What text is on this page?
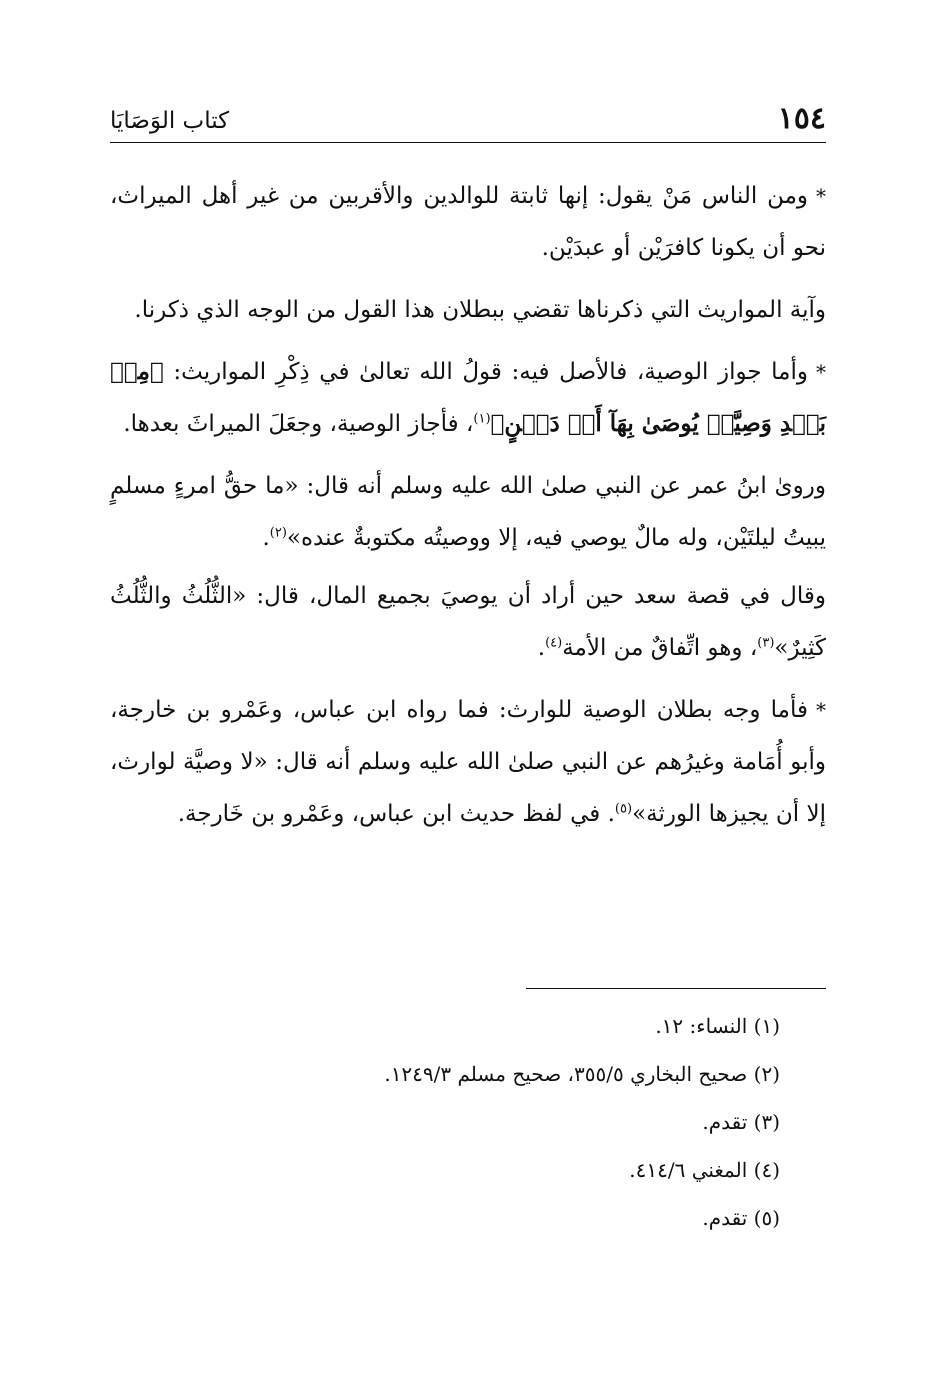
١٥٤
كتاب الوَصَايَا

*ومن الناس مَنْ يقول: إنها ثابتة للوالدين والأقربين من غير أهل الميراث، نحو أن يكونا كافرَيْن أو عبدَيْن.

وآية المواريث التي ذكرناها تقضي ببطلان هذا القول من الوجه الذي ذكرنا.

*وأما جواز الوصية، فالأصل فيه: قولُ الله تعالىٰ في ذِكْرِ المواريث: ﴿مِنۢ بَعۡدِ وَصِيَّةٖ يُوصَىٰ بِهَآ أَوۡ دَيۡنٍ﴾$^{(١)}$، فأجاز الوصية، وجعَلَ الميراثَ بعدها.

ورویٰ ابنُ عمر عن النبي صلىٰ الله عليه وسلم أنه قال: «ما حقُّ امرءٍ مسلمٍ يبيتُ ليلتَيْن، وله مالٌ يوصي فيه، إلا ووصيتُه مكتوبةٌ عنده»$^{(٢)}$.

وقال في قصة سعد حين أراد أن يوصيَ بجميع المال، قال: «الثُّلُثُ والثُّلُثُ كَثِيرٌ»$^{(٣)}$، وهو اتِّفاقٌ من الأمة$^{(٤)}$.

*فأما وجه بطلان الوصية للوارث: فما رواه ابن عباس، وعَمْرو بن خارجة، وأبو أُمَامة وغيرُهم عن النبي صلىٰ الله عليه وسلم أنه قال: «لا وصيَّة لوارث، إلا أن يجيزها الورثة»$^{(٥)}$. في لفظ حديث ابن عباس، وعَمْرو بن خَارجة.

(١) النساء: ١٢.

(٢) صحيح البخاري ٣٥٥/٥، صحيح مسلم ١٢٤٩/٣.

(٣) تقدم.

(٤) المغني ٤١٤/٦.

(٥) تقدم.
